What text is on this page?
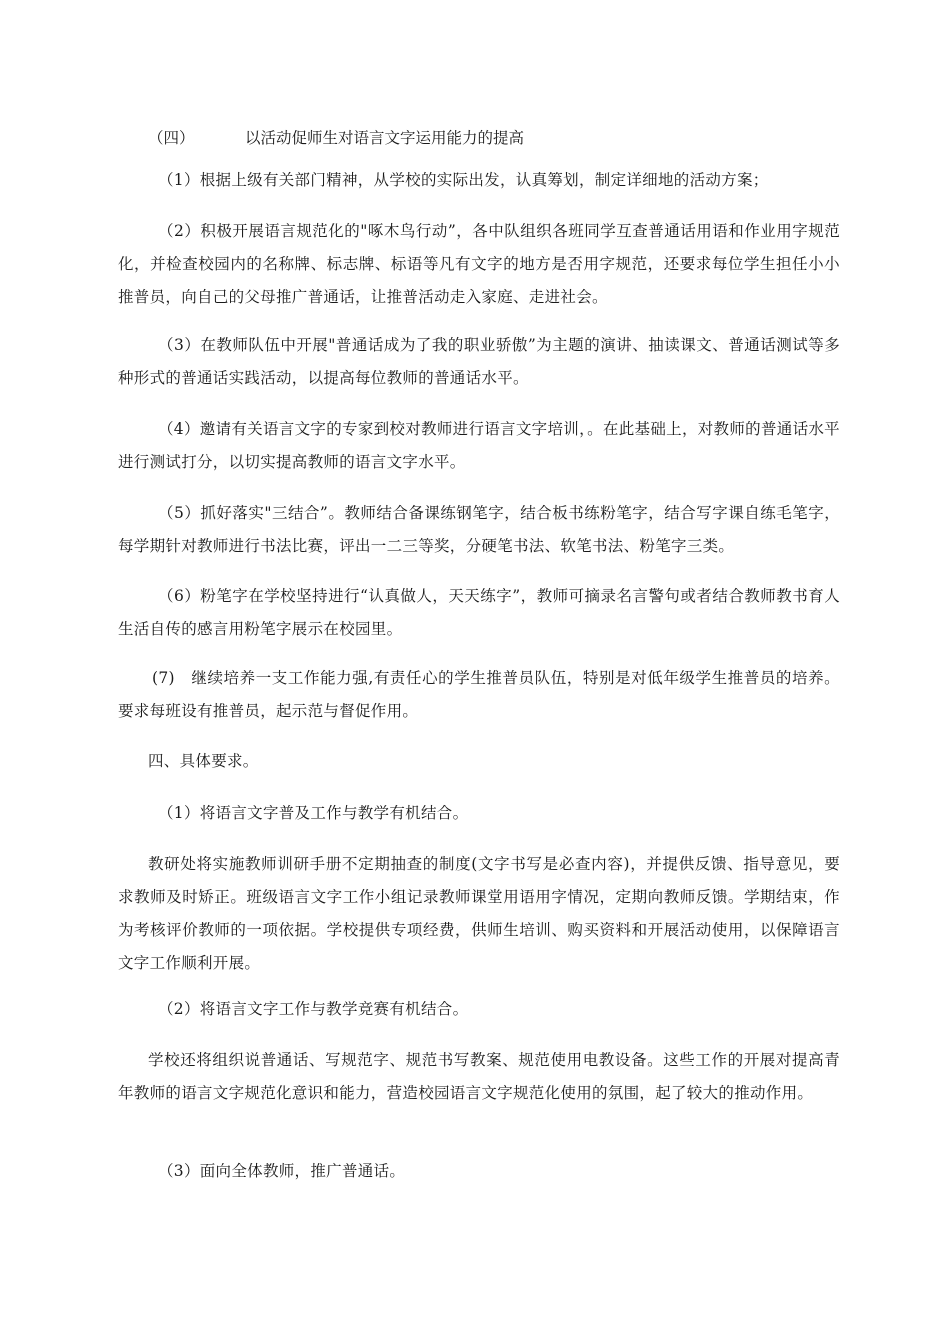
（四）	以活动促师生对语言文字运用能力的提高

（1）根据上级有关部门精神，从学校的实际出发，认真筹划，制定详细地的活动方案；

（2）积极开展语言规范化的"啄木鸟行动”，各中队组织各班同学互查普通话用语和作业用字规范化，并检查校园内的名称牌、标志牌、标语等凡有文字的地方是否用字规范，还要求每位学生担任小小推普员，向自己的父母推广普通话，让推普活动走入家庭、走进社会。

（3）在教师队伍中开展"普通话成为了我的职业骄傲”为主题的演讲、抽读课文、普通话测试等多种形式的普通话实践活动，以提高每位教师的普通话水平。

（4）邀请有关语言文字的专家到校对教师进行语言文字培训，。在此基础上，对教师的普通话水平进行测试打分，以切实提高教师的语言文字水平。

（5）抓好落实"三结合”。教师结合备课练钢笔字，结合板书练粉笔字，结合写字课自练毛笔字，每学期针对教师进行书法比赛，评出一二三等奖，分硬笔书法、软笔书法、粉笔字三类。

（6）粉笔字在学校坚持进行“认真做人，天天练字”，教师可摘录名言警句或者结合教师教书育人生活自传的感言用粉笔字展示在校园里。

(7)   继续培养一支工作能力强,有责任心的学生推普员队伍，特别是对低年级学生推普员的培养。要求每班设有推普员，起示范与督促作用。

四、具体要求。

（1）将语言文字普及工作与教学有机结合。

教研处将实施教师训研手册不定期抽查的制度(文字书写是必查内容)，并提供反馈、指导意见，要求教师及时矫正。班级语言文字工作小组记录教师课堂用语用字情况，定期向教师反馈。学期结束，作为考核评价教师的一项依据。学校提供专项经费，供师生培训、购买资料和开展活动使用，以保障语言文字工作顺利开展。

（2）将语言文字工作与教学竞赛有机结合。

学校还将组织说普通话、写规范字、规范书写教案、规范使用电教设备。这些工作的开展对提高青年教师的语言文字规范化意识和能力，营造校园语言文字规范化使用的氛围，起了较大的推动作用。

（3）面向全体教师，推广普通话。
